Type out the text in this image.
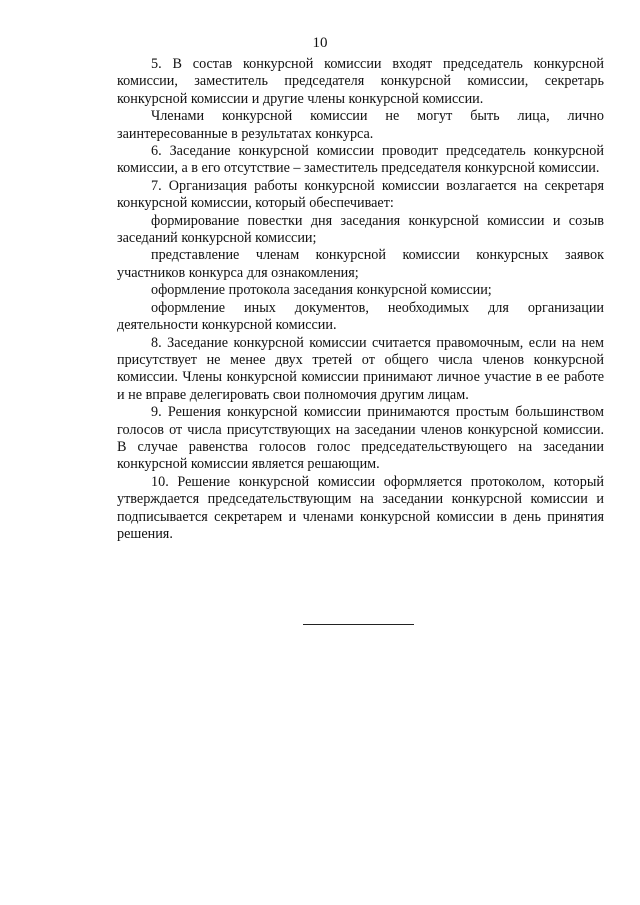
10

5. В состав конкурсной комиссии входят председатель конкурсной комиссии, заместитель председателя конкурсной комиссии, секретарь конкурсной комиссии и другие члены конкурсной комиссии.

Членами конкурсной комиссии не могут быть лица, лично заинтересованные в результатах конкурса.

6. Заседание конкурсной комиссии проводит председатель конкурсной комиссии, а в его отсутствие – заместитель председателя конкурсной комиссии.

7. Организация работы конкурсной комиссии возлагается на секретаря конкурсной комиссии, который обеспечивает:

формирование повестки дня заседания конкурсной комиссии и созыв заседаний конкурсной комиссии;

представление членам конкурсной комиссии конкурсных заявок участников конкурса для ознакомления;

оформление протокола заседания конкурсной комиссии;

оформление иных документов, необходимых для организации деятельности конкурсной комиссии.

8. Заседание конкурсной комиссии считается правомочным, если на нем присутствует не менее двух третей от общего числа членов конкурсной комиссии. Члены конкурсной комиссии принимают личное участие в ее работе и не вправе делегировать свои полномочия другим лицам.

9. Решения конкурсной комиссии принимаются простым большинством голосов от числа присутствующих на заседании членов конкурсной комиссии. В случае равенства голосов голос председательствующего на заседании конкурсной комиссии является решающим.

10. Решение конкурсной комиссии оформляется протоколом, который утверждается председательствующим на заседании конкурсной комиссии и подписывается секретарем и членами конкурсной комиссии в день принятия решения.
